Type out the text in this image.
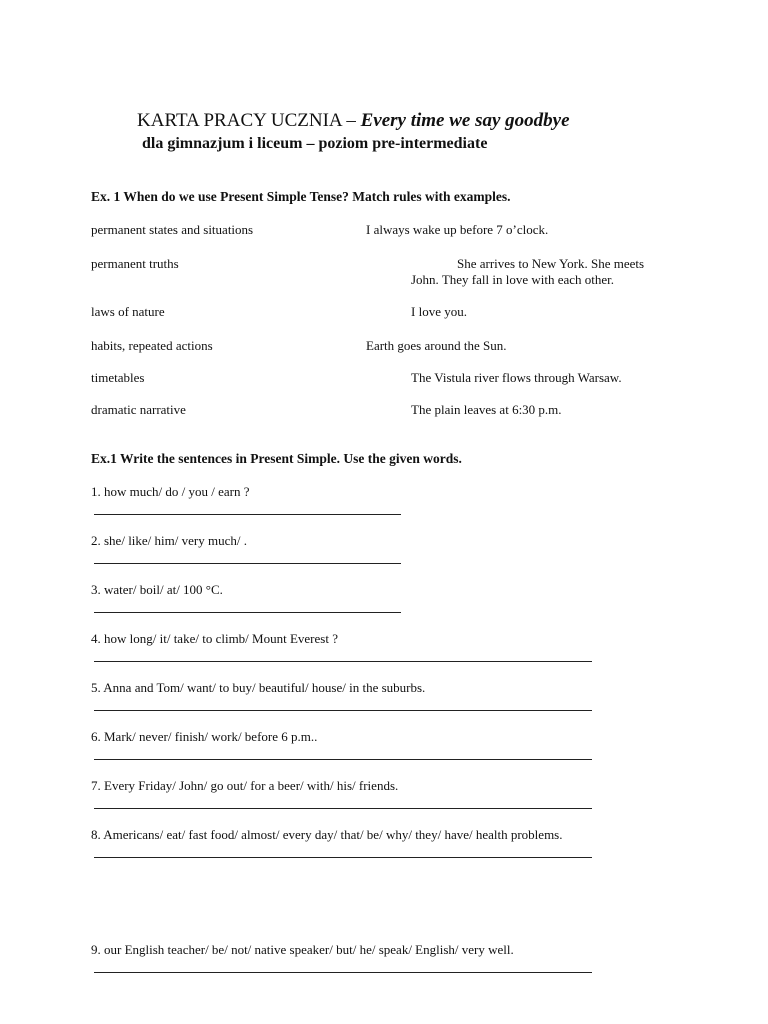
KARTA PRACY UCZNIA – Every time we say goodbye
dla gimnazjum i liceum – poziom pre-intermediate
Ex. 1 When do we use Present Simple Tense? Match rules with examples.
permanent states and situations
permanent truths
laws of nature
habits, repeated actions
timetables
dramatic narrative
I always wake up before 7 o’clock.
She arrives to New York. She meets
John. They fall in love with each other.
I love you.
Earth goes around the Sun.
The Vistula river flows through Warsaw.
The plain leaves at 6:30 p.m.
Ex.1 Write the sentences in Present Simple. Use the given words.
1. how much/ do / you / earn ?
2. she/ like/ him/ very much/ .
3. water/ boil/ at/ 100 °C.
4. how long/ it/ take/ to climb/ Mount Everest ?
5. Anna and Tom/ want/ to buy/ beautiful/ house/ in the suburbs.
6. Mark/ never/ finish/ work/ before 6 p.m..
7. Every Friday/ John/ go out/ for a beer/ with/ his/ friends.
8. Americans/ eat/ fast food/ almost/ every day/ that/ be/ why/ they/ have/ health problems.
9. our English teacher/ be/ not/ native speaker/ but/ he/ speak/ English/ very well.
